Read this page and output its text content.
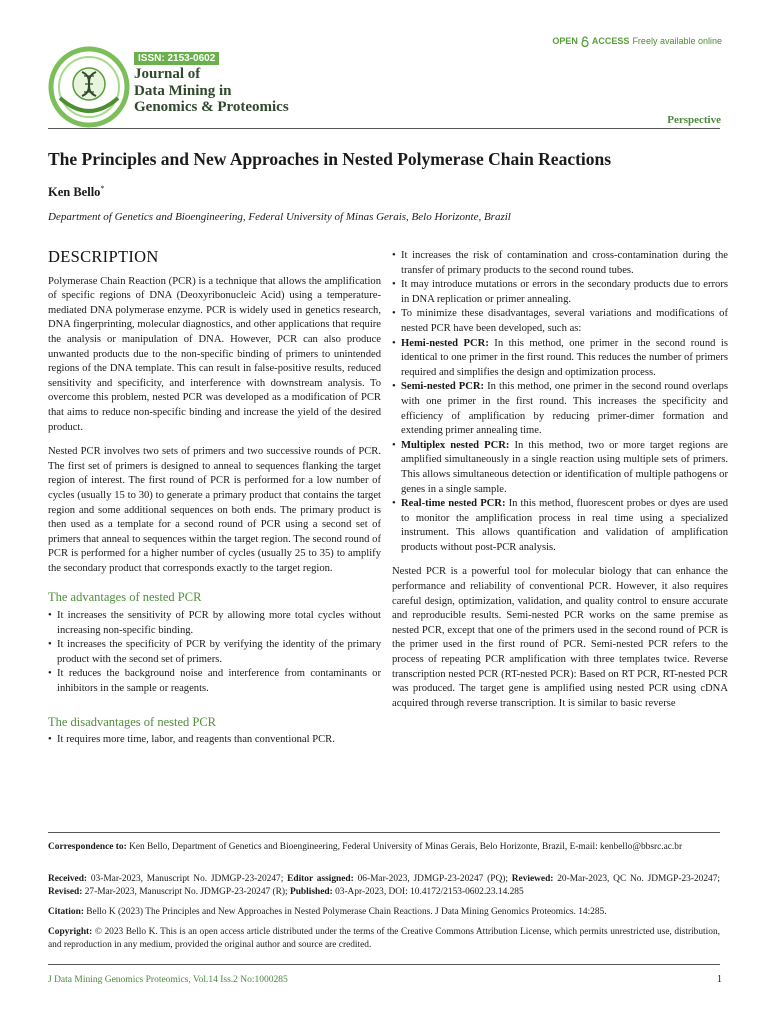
ISSN: 2153-0602
Journal of
Data Mining in
Genomics & Proteomics
OPEN ACCESS Freely available online
Perspective
The Principles and New Approaches in Nested Polymerase Chain Reactions
Ken Bello*
Department of Genetics and Bioengineering, Federal University of Minas Gerais, Belo Horizonte, Brazil
DESCRIPTION

Polymerase Chain Reaction (PCR) is a technique that allows the amplification of specific regions of DNA (Deoxyribonucleic Acid) using a temperature-mediated DNA polymerase enzyme. PCR is widely used in genetics research, DNA fingerprinting, molecular diagnostics, and other applications that require the analysis or manipulation of DNA. However, PCR can also produce unwanted products due to the non-specific binding of primers to unintended regions of the DNA template. This can result in false-positive results, reduced sensitivity and specificity, and interference with downstream analysis. To overcome this problem, nested PCR was developed as a modification of PCR that aims to reduce non-specific binding and increase the yield of the desired product.

Nested PCR involves two sets of primers and two successive rounds of PCR. The first set of primers is designed to anneal to sequences flanking the target region of interest. The first round of PCR is performed for a low number of cycles (usually 15 to 30) to generate a primary product that contains the target region and some additional sequences on both ends. The primary product is then used as a template for a second round of PCR using a second set of primers that anneal to sequences within the target region. The second round of PCR is performed for a higher number of cycles (usually 25 to 35) to amplify the secondary product that corresponds exactly to the target region.

The advantages of nested PCR
• It increases the sensitivity of PCR by allowing more total cycles without increasing non-specific binding.
• It increases the specificity of PCR by verifying the identity of the primary product with the second set of primers.
• It reduces the background noise and interference from contaminants or inhibitors in the sample or reagents.
The disadvantages of nested PCR
• It requires more time, labor, and reagents than conventional PCR.
• It increases the risk of contamination and cross-contamination during the transfer of primary products to the second round tubes.
• It may introduce mutations or errors in the secondary products due to errors in DNA replication or primer annealing.
• To minimize these disadvantages, several variations and modifications of nested PCR have been developed, such as:
• Hemi-nested PCR: In this method, one primer in the second round is identical to one primer in the first round. This reduces the number of primers required and simplifies the design and optimization process.
• Semi-nested PCR: In this method, one primer in the second round overlaps with one primer in the first round. This increases the specificity and efficiency of amplification by reducing primer-dimer formation and extending primer annealing time.
• Multiplex nested PCR: In this method, two or more target regions are amplified simultaneously in a single reaction using multiple sets of primers. This allows simultaneous detection or identification of multiple pathogens or genes in a single sample.
• Real-time nested PCR: In this method, fluorescent probes or dyes are used to monitor the amplification process in real time using a specialized instrument. This allows quantification and validation of amplification products without post-PCR analysis.

Nested PCR is a powerful tool for molecular biology that can enhance the performance and reliability of conventional PCR. However, it also requires careful design, optimization, validation, and quality control to ensure accurate and reproducible results. Semi-nested PCR works on the same premise as nested PCR, except that one of the primers used in the second round of PCR is the primer used in the first round of PCR. Semi-nested PCR refers to the process of repeating PCR amplification with three templates twice. Reverse transcription nested PCR (RT-nested PCR): Based on RT PCR, RT-nested PCR was produced. The target gene is amplified using nested PCR using cDNA acquired through reverse transcription. It is similar to basic reverse

Correspondence to: Ken Bello, Department of Genetics and Bioengineering, Federal University of Minas Gerais, Belo Horizonte, Brazil, E-mail: kenbello@bbsrc.ac.br
Received: 03-Mar-2023, Manuscript No. JDMGP-23-20247; Editor assigned: 06-Mar-2023, JDMGP-23-20247 (PQ); Reviewed: 20-Mar-2023, QC No. JDMGP-23-20247; Revised: 27-Mar-2023, Manuscript No. JDMGP-23-20247 (R); Published: 03-Apr-2023, DOI: 10.4172/2153-0602.23.14.285
Citation: Bello K (2023) The Principles and New Approaches in Nested Polymerase Chain Reactions. J Data Mining Genomics Proteomics. 14:285.
Copyright: © 2023 Bello K. This is an open access article distributed under the terms of the Creative Commons Attribution License, which permits unrestricted use, distribution, and reproduction in any medium, provided the original author and source are credited.
J Data Mining Genomics Proteomics, Vol.14 Iss.2 No:1000285	1
